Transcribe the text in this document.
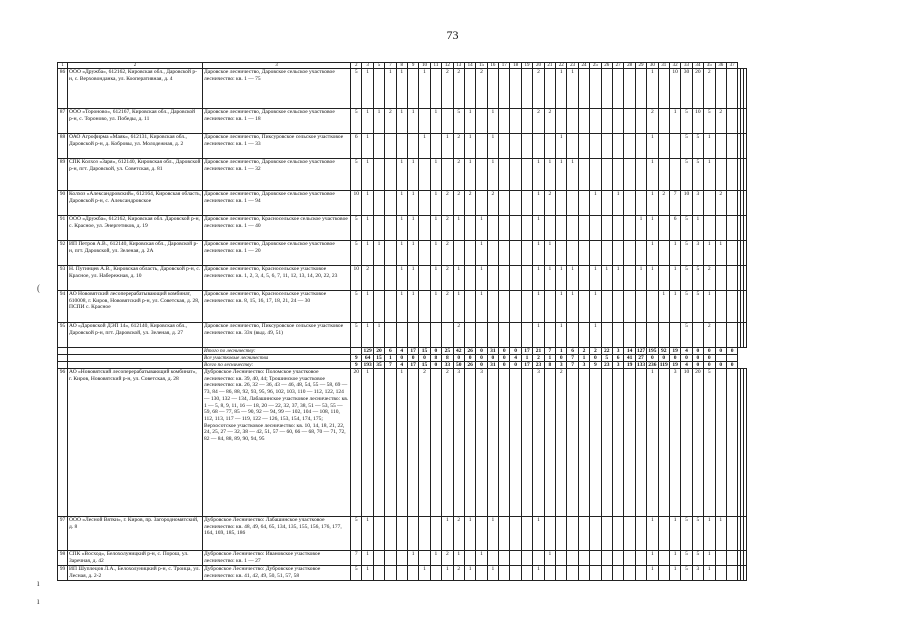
73
(
ı
ı
1	2	3	2	3	5	7	8	9	10	11	12	13	14	15	16	17	18	19	20	21	22	23	24	25	26	27	28	29	30	31	32	33	34	35	36	37			
86	ООО «Дружба», 612162, Кировская обл., Даровской р-н, с. Верховонданка, ул. Кооперативная, д. 4	Даровское лесничество, Даровское сельское участковое лесничество: кв. 1 — 75	5	1		1	1		1		2	2		2					2		1	1							1		10	30	20	2					
87	ООО «Тороново», 612167, Кировская обл., Даровской р-н, с. Тороново, ул. Победы, д. 11	Даровское лесничество, Даровское сельское участковое лесничество: кв. 1 — 18	5	1	1	2	1	1		1		5	1		1				2	2									2		1	5	10	5	2				
88	ОАО Агрофирма «Маяк», 612131, Кировская обл., Даровской р-н, д. Кобровы, ул. Молодежная, д. 2	Даровское лесничество, Пиксуровское сельское участковое лесничество: кв. 1 — 33	6	1					1		1	2	1		1						1								1			5	5	1					
89	СПК Колхоз «Заря», 612140, Кировская обл., Даровской р-н, пгт. Даровской, ул. Советская, д. 81	Даровское лесничество, Даровское сельское участковое лесничество: кв. 1 — 32	5	1			1	1		1		2	1		1				1	1	1	1							1			5	5	1					
90	Колхоз «Александровский», 612164, Кировская область, Даровской р-н, с. Александровское	Даровское лесничество, Даровское сельское участковое лесничество: кв. 1 — 94	10	1			1	1		1	2	2	2		2				1	2				1		1			1	2	7	10	3		2				
91	ООО «Дружба», 612162, Кировская обл. Даровской р-н, с. Красное, ул. Энергетиков, д. 19	Даровское лесничество, Красносельское сельское участковое лесничество: кв. 1 — 40	5	1			1	1		1	2	1		1					1									1	1		6	5	1						
92	ИП Петров А.В., 612140, Кировская обл., Даровской р-н, пгт. Даровской, ул. Зеленая, д. 2А	Даровское лесничество, Даровское сельское участковое лесничество: кв. 1 — 20	5	1	1		1	1		1	2			1					1	1									1		1	5	3	1	1				
93	Н. Путинцев А.В., Кировская область, Даровской р-н, с. Красное, ул. Набережная, д. 10	Даровское лесничество, Красносельское участковое лесничество: кв. 1, 2, 3, 4, 5, 6, 7, 11, 12, 13, 14, 20, 22, 23	10	2			1	1		1	2	1		1					1	1	1	1		1	1	1		1	1		1	5	5	2					
94	АО Нововятский лесоперерабатывающий комбинат, 610008, г. Киров, Нововятский р-н, ул. Советская, д. 28, ПСПИ с. Красное	Даровское лесничество, Красносельское участковое лесничество: кв. 8, 15, 16, 17, 18, 21, 24 — 30	5	1			1	1		1	2	1		1					1		1	1		1						1	1	5	5	1					
95	АО «Даровской ДЭП 14», 612140, Кировская обл., Даровской р-н, пгт. Даровской, ул. Зеленая, д. 27	Даровское лесничество, Пиксуровское сельское участковое лесничество: кв. 33ч (выд. 49, 51)	5	1	1							2							1		1			1								5		2					
		Итого по лесничеству:		129	20	6	4	17	15	0	25	42	26	0	31	0	0	17	21	7	1	6	2	2	22	3	14	127	195	92	19	4	0	0	0	0			
		Все участковые лесничества	9	64	15	1	0	0	0	8	8	0	0	0	0	0	4	1	2	1	0	7	1	0	5	6	41	27	0	0	0	0	0	0					
		Всего по лесничеству:	9	193	35	7	4	17	15	0	33	50	26	0	31	0	0	17	23	8	3	7	3	9	23	3	19	133	236	119	19	4	0	0	0	0			
96	АО «Нововятский лесоперерабатывающий комбинат», г. Киров, Нововятский р-н, ул. Советская, д. 28	Дубровское Лесничество: Поломское участковое лесничество: кв. 39, 40, 44; Трошинское участковое лесничество: кв. 26, 32 — 36, 43 — 46, 48, 54, 55 — 58, 69 — 73, 84 — 86, 88, 92, 93, 95, 96, 102, 103, 110 — 112, 122, 124 — 130, 132 — 134, Лабашинское участковое лесничество: кв. 1 — 5, 8, 9, 11, 16 — 18, 20 — 22, 32, 37, 38, 51 — 53, 55 — 59, 68 — 77, 85 — 90, 92 — 94, 99 — 102, 104 — 108, 110, 112, 113, 117 — 119, 122 — 126, 153, 154, 174, 175; Верхосотское участковое лесничество: кв. 10, 14, 18, 21, 22, 24, 25, 27 — 32, 38 — 42, 51, 57 — 60, 66 — 68, 70 — 71, 72, 82 — 84, 88, 89, 90, 94, 95	20	1			1		2		2	3		3					3		2								1		3	10	20	5					
97	ООО «Лесной Вятки», г. Киров, пр. Загородномятский, д. 8	Дубровское Лесничество: Лабашинское участковое лесничество: кв. 48, 49, 64, 65, 134, 135, 155, 156, 176, 177, 164, 169, 185, 186	5	1							1	2	1		1				1										1		1	5	5	1	1				
98	СПК «Восход», Белохолуницкий р-н, с. Порош, ул. Заречная, д. 42	Дубровское Лесничество: Ивановское участковое лесничество: кв. 1 — 27	7	1				1		1	2	1		1						1									1		1	5	5	1					
99	ИП Шуплецов Л.А., Белохолуницкий р-н, с. Троица, ул. Лесная, д. 2-2	Дубровское Лесничество: Дубровское участковое лесничество: кв. 41, 42, 49, 50, 51, 57, 58	5	1					1		1	2	1		1				1										1		1	5	3	1					
